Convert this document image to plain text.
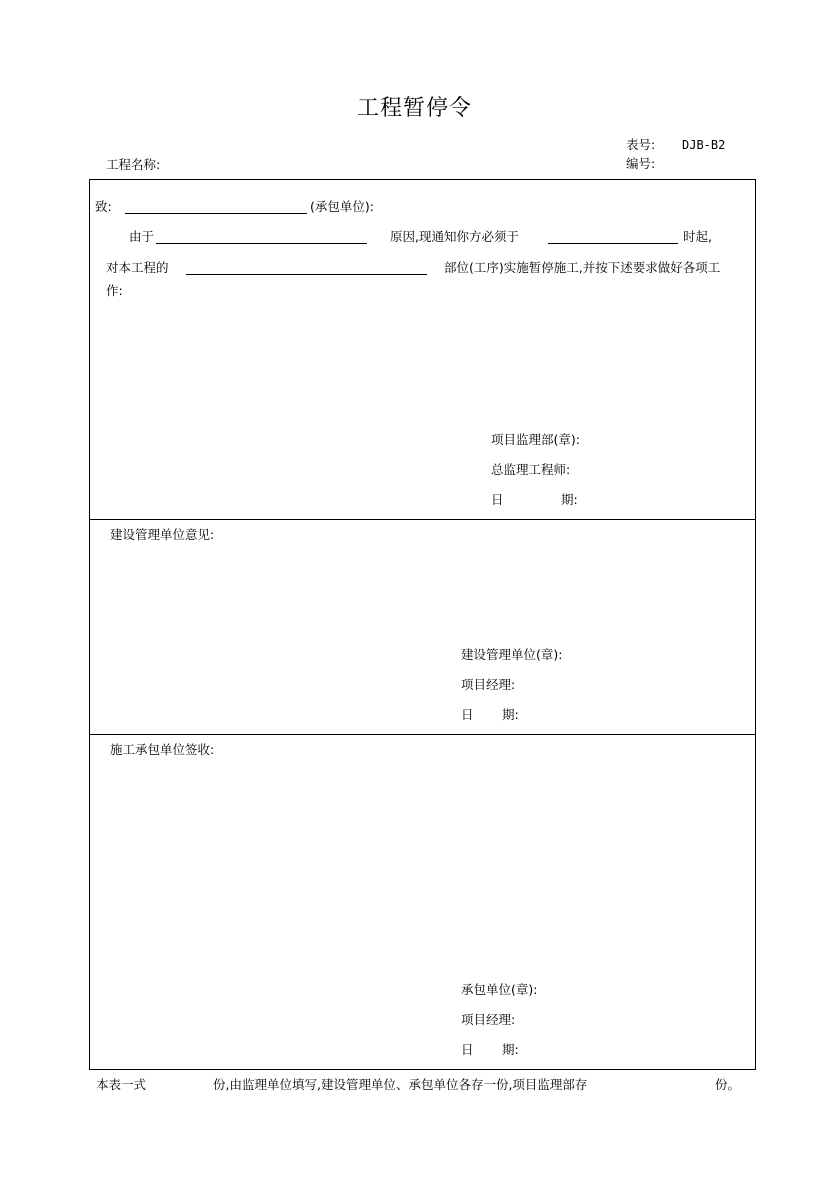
工程暂停令
表号: DJB-B2
编号:
工程名称:
致:	(承包单位):
由于	原因,现通知你方必须于	时起,
对本工程的	部位(工序)实施暂停施工,并按下述要求做好各项工
作:
项目监理部(章):
总监理工程师:
日	期:
建设管理单位意见:
建设管理单位(章):
项目经理:
日 期:
施工承包单位签收:
承包单位(章):
项目经理:
日 期:
本表一式	份,由监理单位填写,建设管理单位、承包单位各存一份,项目监理部存	份。
